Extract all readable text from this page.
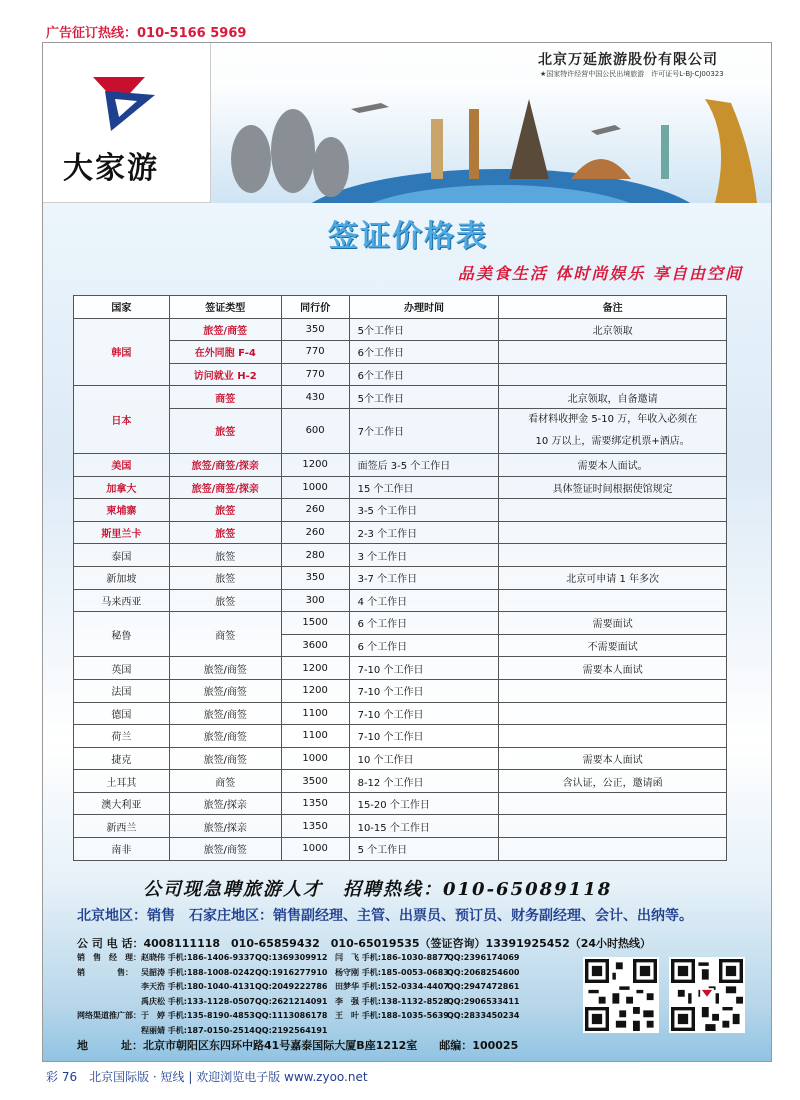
广告征订热线：010-5166 5969
大家游
北京万延旅游股份有限公司
★国家特许经营中国公民出境旅游　许可证号L-BJ-CJ00323
签证价格表
品美食生活 体时尚娱乐 享自由空间
国家	签证类型	同行价	办理时间	备注
韩国	旅签/商签	350	5个工作日	北京领取
	在外同胞 F-4	770	6个工作日	
	访问就业 H-2	770	6个工作日	
日本	商签	430	5个工作日	北京领取，自备邀请
	旅签	600	7个工作日	看材料收押金 5-10 万，年收入必须在
10 万以上，需要绑定机票+酒店。

美国	旅签/商签/探亲	1200	面签后 3-5 个工作日	需要本人面试。
加拿大	旅签/商签/探亲	1000	15 个工作日	具体签证时间根据使馆规定
柬埔寨	旅签	260	3-5 个工作日	
斯里兰卡	旅签	260	2-3 个工作日	
泰国	旅签	280	3 个工作日	
新加坡	旅签	350	3-7 个工作日	北京可申请 1 年多次
马来西亚	旅签	300	4 个工作日	
秘鲁	商签	1500	6 个工作日	需要面试
		3600	6 个工作日	不需要面试
英国	旅签/商签	1200	7-10 个工作日	需要本人面试
法国	旅签/商签	1200	7-10 个工作日	
德国	旅签/商签	1100	7-10 个工作日	
荷兰	旅签/商签	1100	7-10 个工作日	
捷克	旅签/商签	1000	10 个工作日	需要本人面试
土耳其	商签	3500	8-12 个工作日	含认证，公正，邀请函
澳大利亚	旅签/探亲	1350	15-20 个工作日	
新西兰	旅签/探亲	1350	10-15 个工作日	
南非	旅签/商签	1000	5 个工作日	
公司现急聘旅游人才　招聘热线：010-65089118
北京地区：销售　石家庄地区：销售副经理、主管、出票员、预订员、财务副经理、会计、出纳等。
公 司 电 话：4008111118　010-65859432　010-65019535（签证咨询）13391925452（24小时热线）
销　售　经　理： 赵晓伟 手机:186-1406-9337 QQ:1369309912 闫　飞 手机:186-1030-8877
QQ:2396174069
销　　　　售：	吴韶涛 手机:188-1008-0242 QQ:1916277910 杨守刚 手机:185-0053-0683
QQ:2068254600
李天浩 手机:180-1040-4131 QQ:2049222786 田梦华 手机:152-0334-4407
QQ:2947472861
禹庆松 手机:133-1128-0507 QQ:2621214091 李　强 手机:138-1132-8528
QQ:2906533411
网络渠道推广部： 于　婷 手机:135-8190-4853 QQ:1113086178 王　叶 手机:188-1035-5639
QQ:2833450234
程丽婧 手机:187-0150-2514 QQ:2192564191
地　　　址：北京市朝阳区东四环中路41号嘉泰国际大厦B座1212室　　邮编：100025
彩 76　北京国际版 · 短线 | 欢迎浏览电子版 www.zyoo.net
